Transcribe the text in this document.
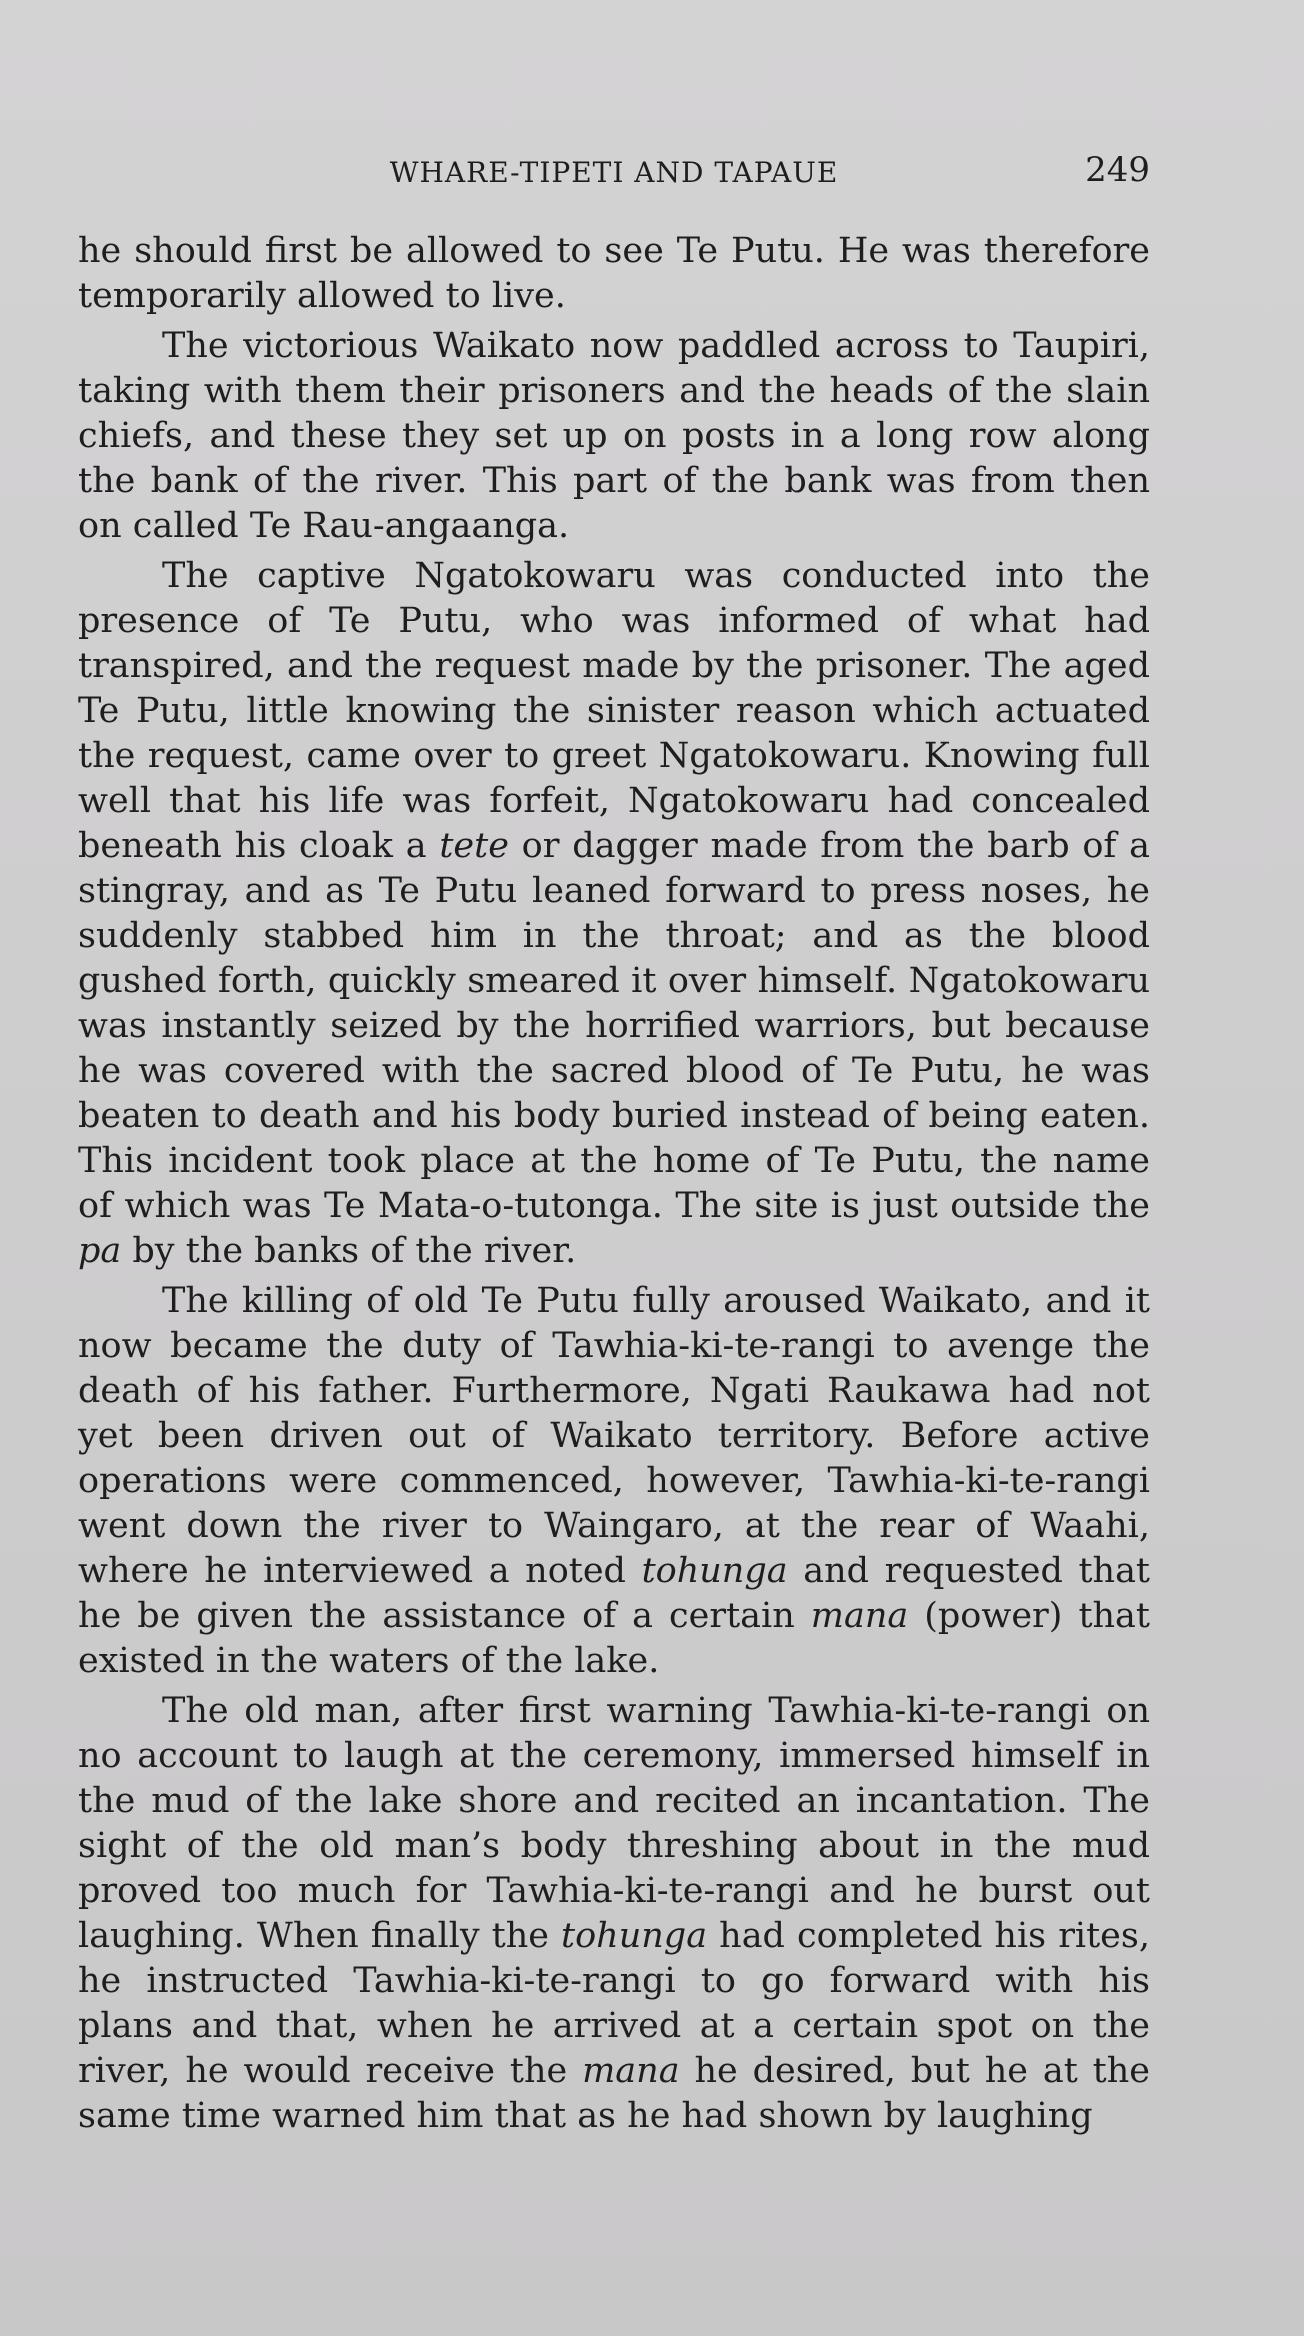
WHARE-TIPETI AND TAPAUE	249

he should first be allowed to see Te Putu. He was therefore temporarily allowed to live.

The victorious Waikato now paddled across to Taupiri, taking with them their prisoners and the heads of the slain chiefs, and these they set up on posts in a long row along the bank of the river. This part of the bank was from then on called Te Rau-angaanga.

The captive Ngatokowaru was conducted into the presence of Te Putu, who was informed of what had transpired, and the request made by the prisoner. The aged Te Putu, little knowing the sinister reason which actuated the request, came over to greet Ngatokowaru. Knowing full well that his life was forfeit, Ngatokowaru had concealed beneath his cloak a tete or dagger made from the barb of a stingray, and as Te Putu leaned forward to press noses, he suddenly stabbed him in the throat; and as the blood gushed forth, quickly smeared it over himself. Ngatokowaru was instantly seized by the horrified warriors, but because he was covered with the sacred blood of Te Putu, he was beaten to death and his body buried instead of being eaten. This incident took place at the home of Te Putu, the name of which was Te Mata-o-tutonga. The site is just outside the pa by the banks of the river.

The killing of old Te Putu fully aroused Waikato, and it now became the duty of Tawhia-ki-te-rangi to avenge the death of his father. Furthermore, Ngati Raukawa had not yet been driven out of Waikato territory. Before active operations were commenced, however, Tawhia-ki-te-rangi went down the river to Waingaro, at the rear of Waahi, where he interviewed a noted tohunga and requested that he be given the assistance of a certain mana (power) that existed in the waters of the lake.

The old man, after first warning Tawhia-ki-te-rangi on no account to laugh at the ceremony, immersed himself in the mud of the lake shore and recited an incantation. The sight of the old man’s body threshing about in the mud proved too much for Tawhia-ki-te-rangi and he burst out laughing. When finally the tohunga had completed his rites, he instructed Tawhia-ki-te-rangi to go forward with his plans and that, when he arrived at a certain spot on the river, he would receive the mana he desired, but he at the same time warned him that as he had shown by laughing
